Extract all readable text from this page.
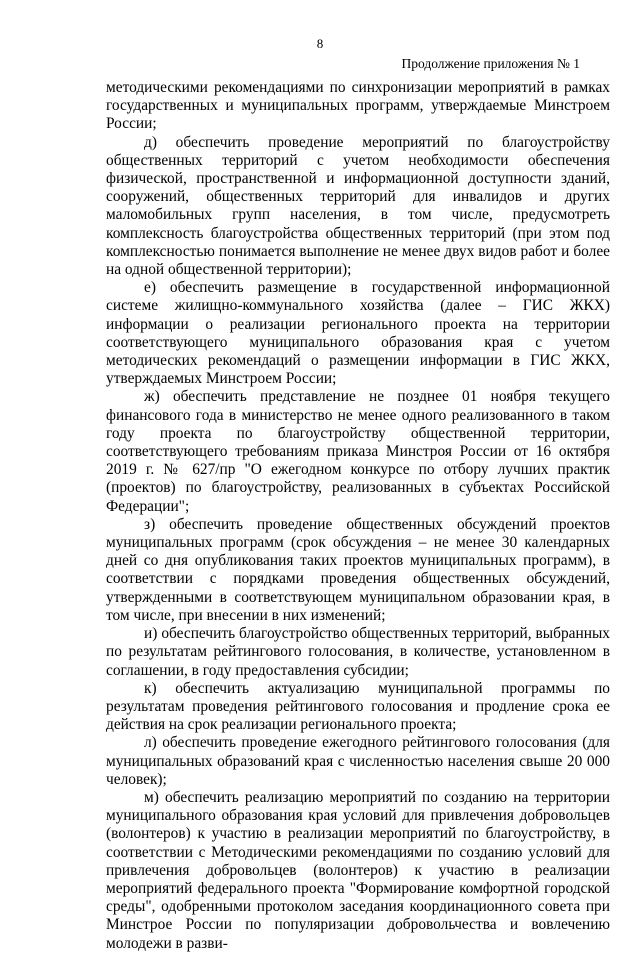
8
Продолжение приложения № 1

методическими рекомендациями по синхронизации мероприятий в рамках государственных и муниципальных программ, утверждаемые Минстроем России;

д) обеспечить проведение мероприятий по благоустройству общественных территорий с учетом необходимости обеспечения физической, пространственной и информационной доступности зданий, сооружений, общественных территорий для инвалидов и других маломобильных групп населения, в том числе, предусмотреть комплексность благоустройства общественных территорий (при этом под комплексностью понимается выполнение не менее двух видов работ и более на одной общественной территории);

е) обеспечить размещение в государственной информационной системе жилищно-коммунального хозяйства (далее – ГИС ЖКХ) информации о реализации регионального проекта на территории соответствующего муниципального образования края с учетом методических рекомендаций о размещении информации в ГИС ЖКХ, утверждаемых Минстроем России;

ж) обеспечить представление не позднее 01 ноября текущего финансового года в министерство не менее одного реализованного в таком году проекта по благоустройству общественной территории, соответствующего требованиям приказа Минстроя России от 16 октября 2019 г. № 627/пр "О ежегодном конкурсе по отбору лучших практик (проектов) по благоустройству, реализованных в субъектах Российской Федерации";

з) обеспечить проведение общественных обсуждений проектов муниципальных программ (срок обсуждения – не менее 30 календарных дней со дня опубликования таких проектов муниципальных программ), в соответствии с порядками проведения общественных обсуждений, утвержденными в соответствующем муниципальном образовании края, в том числе, при внесении в них изменений;

и) обеспечить благоустройство общественных территорий, выбранных по результатам рейтингового голосования, в количестве, установленном в соглашении, в году предоставления субсидии;

к) обеспечить актуализацию муниципальной программы по результатам проведения рейтингового голосования и продление срока ее действия на срок реализации регионального проекта;

л) обеспечить проведение ежегодного рейтингового голосования (для муниципальных образований края с численностью населения свыше 20 000 человек);

м) обеспечить реализацию мероприятий по созданию на территории муниципального образования края условий для привлечения добровольцев (волонтеров) к участию в реализации мероприятий по благоустройству, в соответствии с Методическими рекомендациями по созданию условий для привлечения добровольцев (волонтеров) к участию в реализации мероприятий федерального проекта "Формирование комфортной городской среды", одобренными протоколом заседания координационного совета при Минстрое России по популяризации добровольчества и вовлечению молодежи в разви-
